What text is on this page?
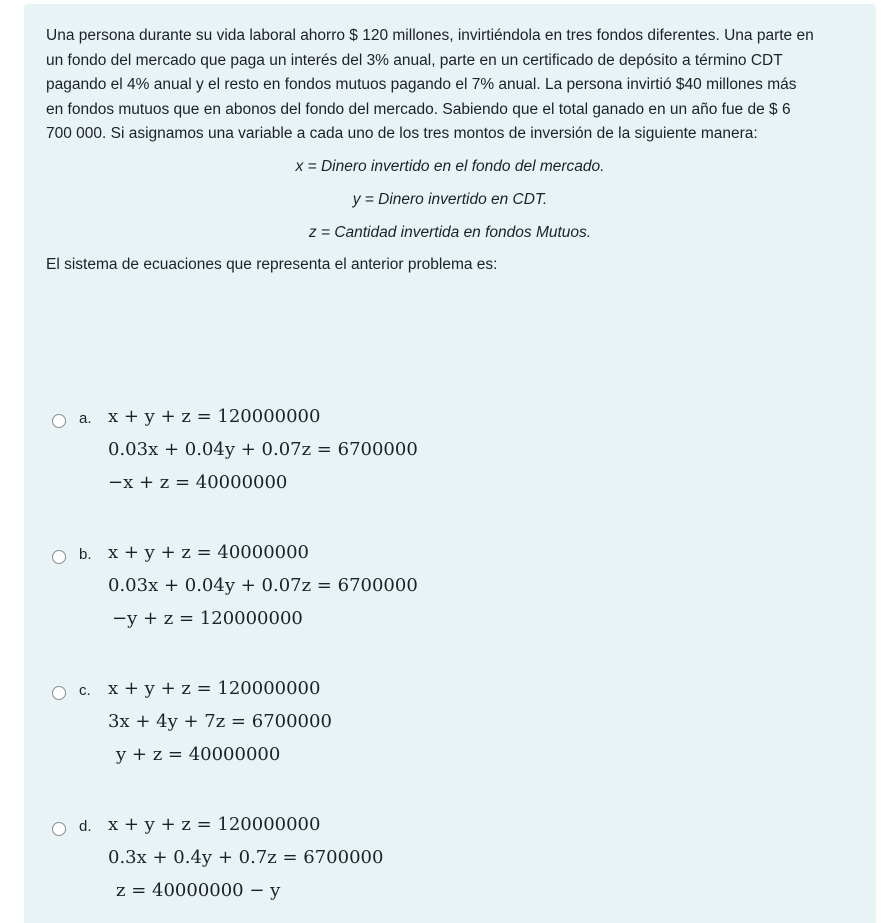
Una persona durante su vida laboral ahorro $ 120 millones, invirtiéndola en tres fondos diferentes. Una parte en
un fondo del mercado que paga un interés del 3% anual, parte en un certificado de depósito a término CDT
pagando el 4% anual y el resto en fondos mutuos pagando el 7% anual. La persona invirtió $40 millones más
en fondos mutuos que en abonos del fondo del mercado. Sabiendo que el total ganado en un año fue de $ 6
700 000. Si asignamos una variable a cada uno de los tres montos de inversión de la siguiente manera:
x = Dinero invertido en el fondo del mercado.
y = Dinero invertido en CDT.
z = Cantidad invertida en fondos Mutuos.
El sistema de ecuaciones que representa el anterior problema es:
a. x + y + z = 120000000
0.03x + 0.04y + 0.07z = 6700000
−x + z = 40000000
b. x + y + z = 40000000
0.03x + 0.04y + 0.07z = 6700000
−y + z = 120000000
c. x + y + z = 120000000
3x + 4y + 7z = 6700000
y + z = 40000000
d. x + y + z = 120000000
0.3x + 0.4y + 0.7z = 6700000
z = 40000000 − y
